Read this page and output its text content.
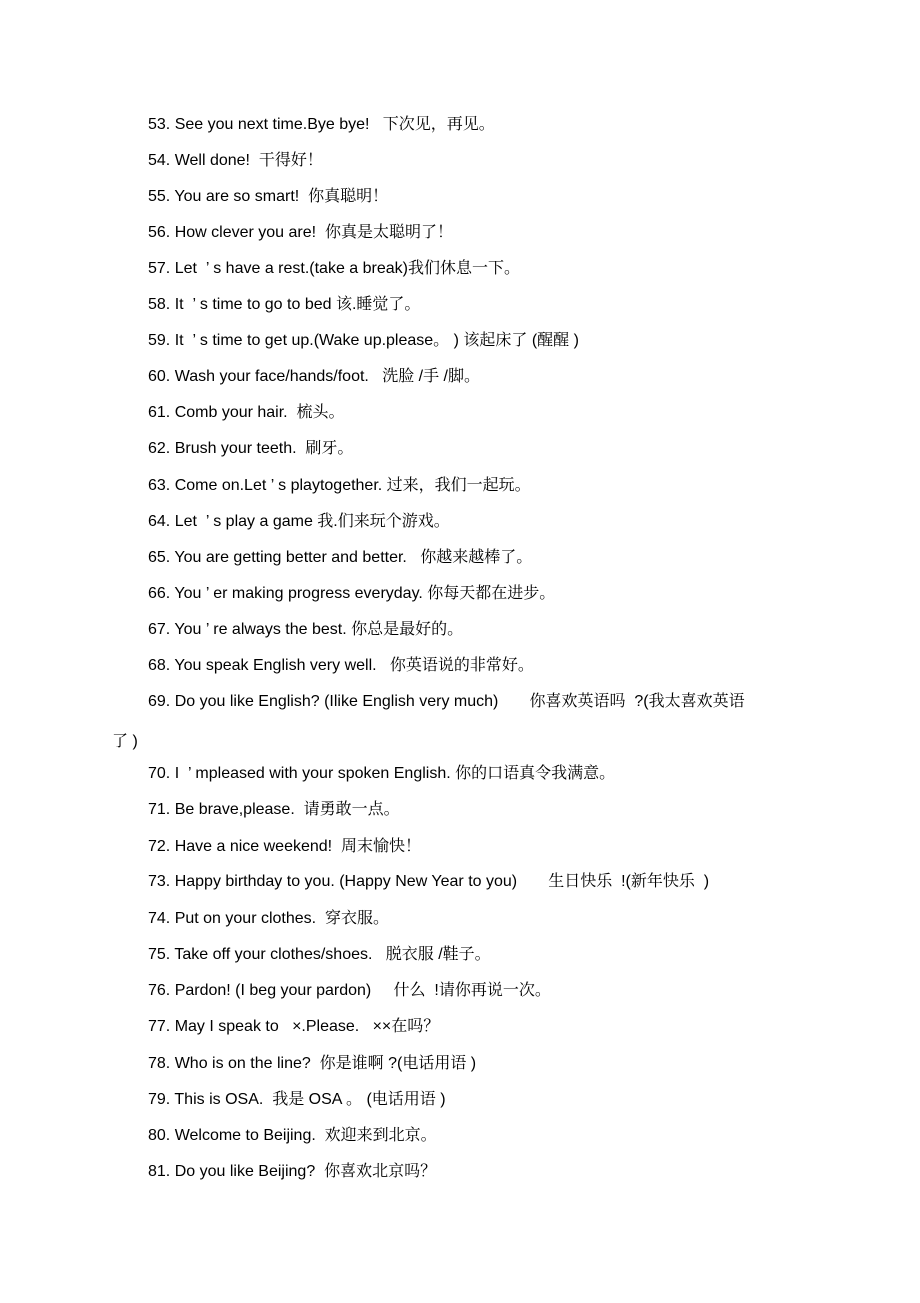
53. See you next time.Bye bye!   下次见，再见。
54. Well done!  干得好！
55. You are so smart!  你真聪明！
56. How clever you are!  你真是太聪明了！
57. Let  ’ s have a rest.(take a break)我们休息一下。
58. It  ’ s time to go to bed 该.睡觉了。
59. It  ’ s time to get up.(Wake up.please。 ) 该起床了 (醒醒 )
60. Wash your face/hands/foot.   洗脸 /手 /脚。
61. Comb your hair.  梳头。
62. Brush your teeth.  刷牙。
63. Come on.Let ’ s playtogether. 过来，我们一起玩。
64. Let  ’ s play a game 我.们来玩个游戏。
65. You are getting better and better.   你越来越棒了。
66. You ’ er making progress everyday. 你每天都在进步。
67. You ’ re always the best. 你总是最好的。
68. You speak English very well.   你英语说的非常好。
69. Do you like English? (Ilike English very much)       你喜欢英语吗  ?(我太喜欢英语
了 )
70. I  ’ mpleased with your spoken English. 你的口语真令我满意。
71. Be brave,please.  请勇敢一点。
72. Have a nice weekend!  周末愉快！
73. Happy birthday to you. (Happy New Year to you)       生日快乐  !(新年快乐  )
74. Put on your clothes.  穿衣服。
75. Take off your clothes/shoes.   脱衣服 /鞋子。
76. Pardon! (I beg your pardon)     什么  !请你再说一次。
77. May I speak to   ×.Please.   ××在吗？
78. Who is on the line?  你是谁啊 ?(电话用语 )
79. This is OSA.  我是 OSA 。 (电话用语 )
80. Welcome to Beijing.  欢迎来到北京。
81. Do you like Beijing?  你喜欢北京吗？
